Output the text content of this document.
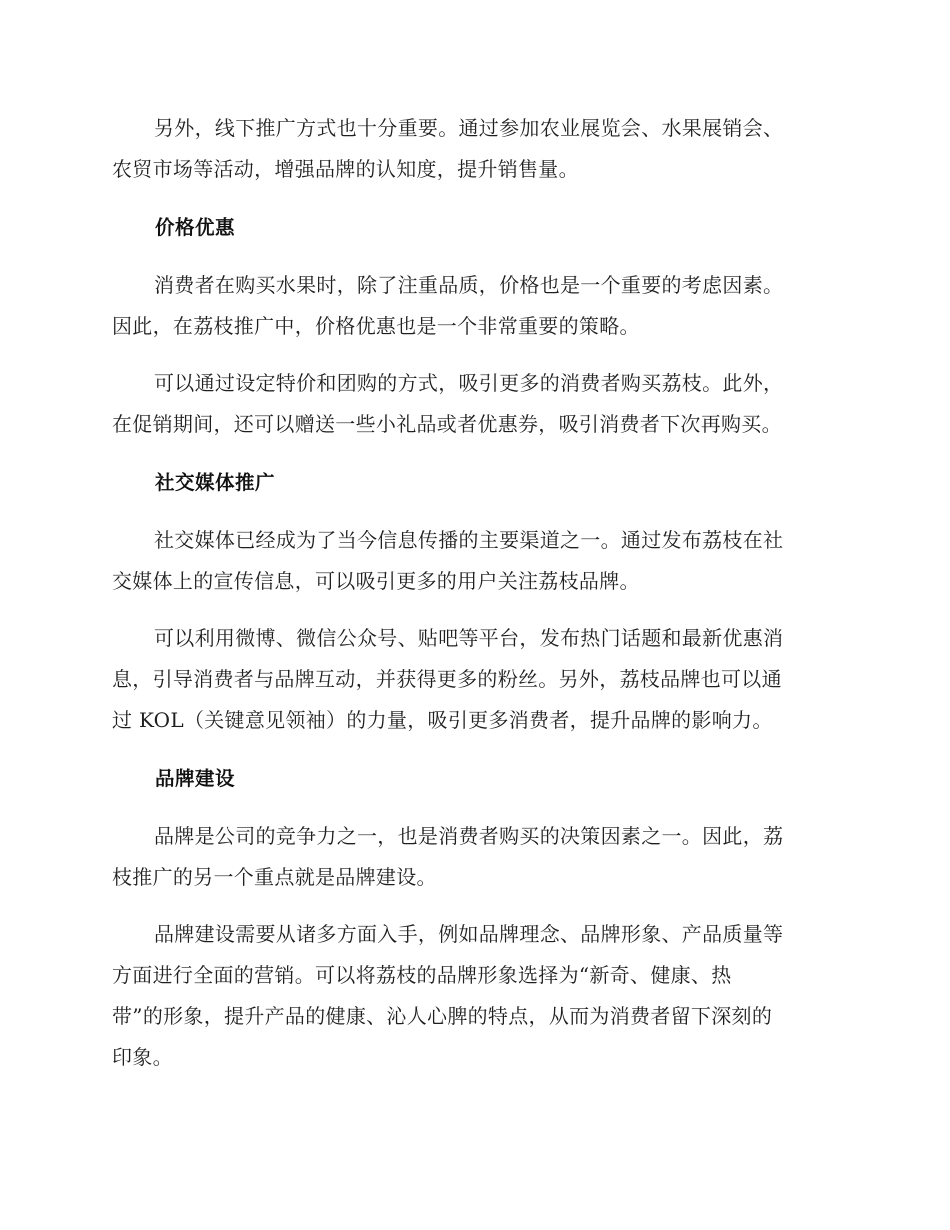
另外，线下推广方式也十分重要。通过参加农业展览会、水果展销会、
农贸市场等活动，增强品牌的认知度，提升销售量。

价格优惠

消费者在购买水果时，除了注重品质，价格也是一个重要的考虑因素。
因此，在荔枝推广中，价格优惠也是一个非常重要的策略。

可以通过设定特价和团购的方式，吸引更多的消费者购买荔枝。此外，
在促销期间，还可以赠送一些小礼品或者优惠券，吸引消费者下次再购买。

社交媒体推广

社交媒体已经成为了当今信息传播的主要渠道之一。通过发布荔枝在社
交媒体上的宣传信息，可以吸引更多的用户关注荔枝品牌。

可以利用微博、微信公众号、贴吧等平台，发布热门话题和最新优惠消
息，引导消费者与品牌互动，并获得更多的粉丝。另外，荔枝品牌也可以通
过 KOL（关键意见领袖）的力量，吸引更多消费者，提升品牌的影响力。

品牌建设

品牌是公司的竞争力之一，也是消费者购买的决策因素之一。因此，荔
枝推广的另一个重点就是品牌建设。

品牌建设需要从诸多方面入手，例如品牌理念、品牌形象、产品质量等
方面进行全面的营销。可以将荔枝的品牌形象选择为“新奇、健康、热
带”的形象，提升产品的健康、沁人心脾的特点，从而为消费者留下深刻的
印象。
